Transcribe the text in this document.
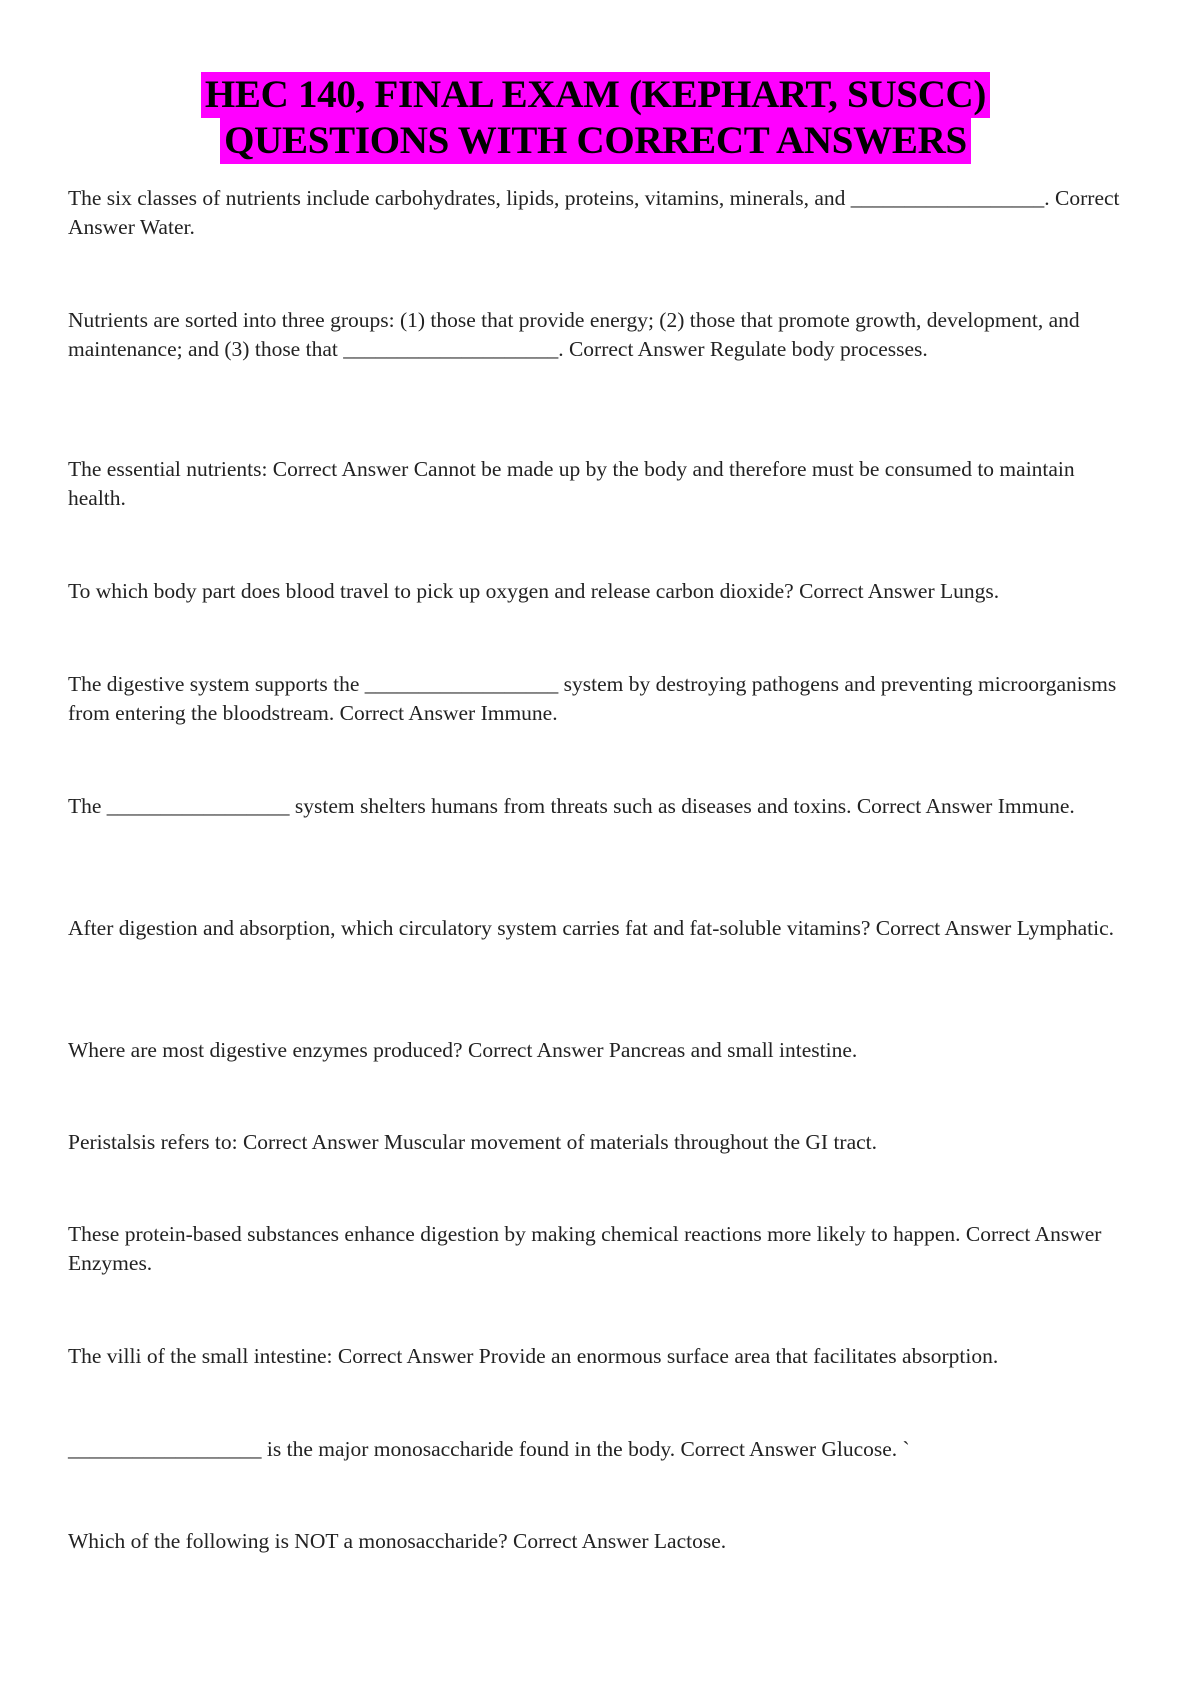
HEC 140, FINAL EXAM (KEPHART, SUSCC)
QUESTIONS WITH CORRECT ANSWERS
The six classes of nutrients include carbohydrates, lipids, proteins, vitamins, minerals, and __________________. Correct Answer Water.
Nutrients are sorted into three groups: (1) those that provide energy; (2) those that promote growth, development, and maintenance; and (3) those that ____________________. Correct Answer Regulate body processes.
The essential nutrients: Correct Answer Cannot be made up by the body and therefore must be consumed to maintain health.
To which body part does blood travel to pick up oxygen and release carbon dioxide? Correct Answer Lungs.
The digestive system supports the __________________ system by destroying pathogens and preventing microorganisms from entering the bloodstream. Correct Answer Immune.
The _________________ system shelters humans from threats such as diseases and toxins. Correct Answer Immune.
After digestion and absorption, which circulatory system carries fat and fat-soluble vitamins? Correct Answer Lymphatic.
Where are most digestive enzymes produced? Correct Answer Pancreas and small intestine.
Peristalsis refers to: Correct Answer Muscular movement of materials throughout the GI tract.
These protein-based substances enhance digestion by making chemical reactions more likely to happen. Correct Answer Enzymes.
The villi of the small intestine: Correct Answer Provide an enormous surface area that facilitates absorption.
__________________ is the major monosaccharide found in the body. Correct Answer Glucose. `
Which of the following is NOT a monosaccharide? Correct Answer Lactose.
